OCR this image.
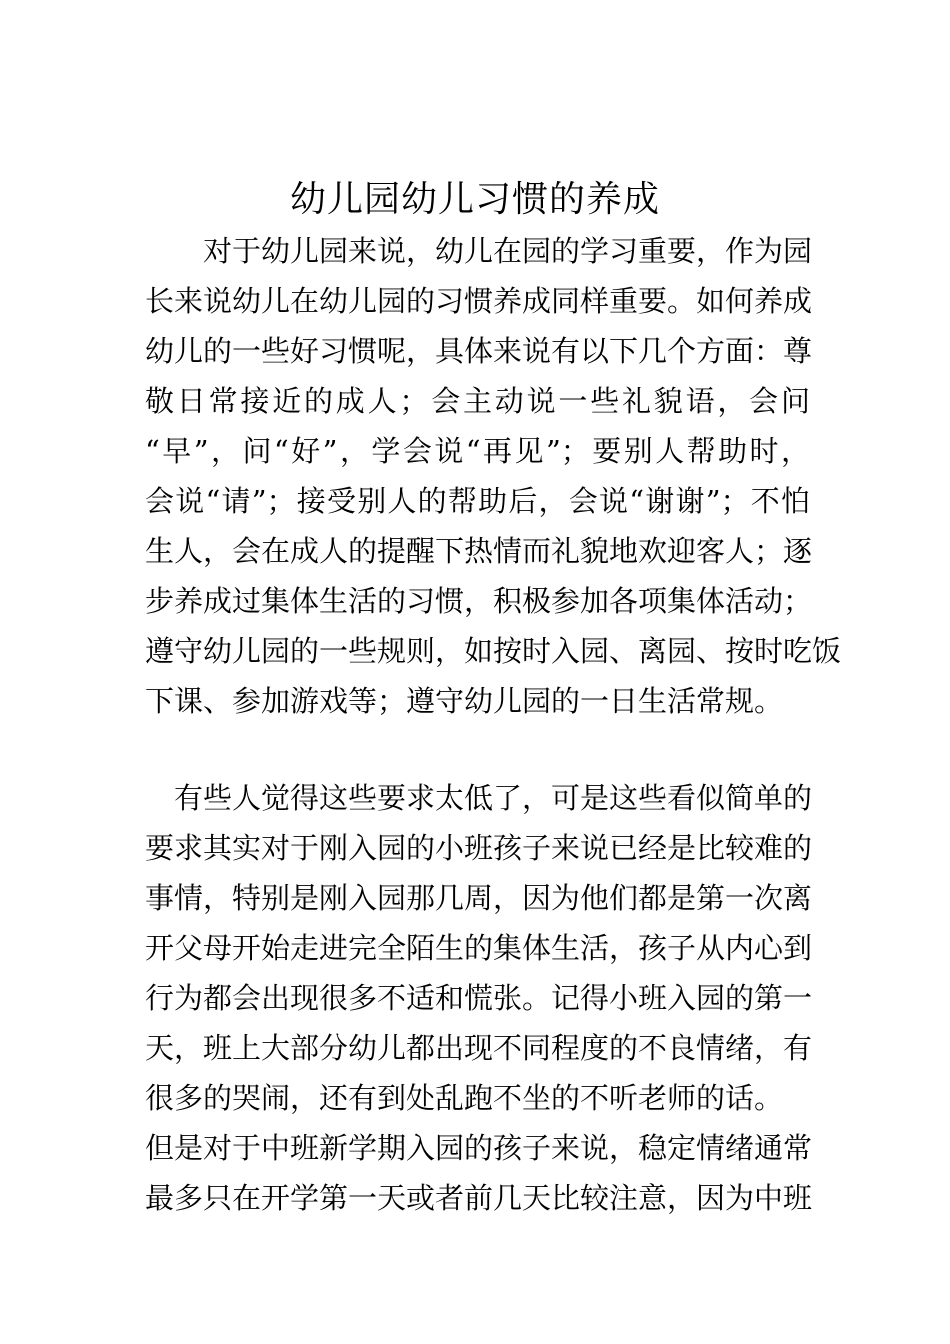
幼儿园幼儿习惯的养成
对于幼儿园来说，幼儿在园的学习重要，作为园
长来说幼儿在幼儿园的习惯养成同样重要。如何养成
幼儿的一些好习惯呢，具体来说有以下几个方面：尊
敬日常接近的成人；会主动说一些礼貌语，会问
“早”，问“好”，学会说“再见”；要别人帮助时，
会说“请”；接受别人的帮助后，会说“谢谢”；不怕
生人，会在成人的提醒下热情而礼貌地欢迎客人；逐
步养成过集体生活的习惯，积极参加各项集体活动；
遵守幼儿园的一些规则，如按时入园、离园、按时吃饭
下课、参加游戏等；遵守幼儿园的一日生活常规。
有些人觉得这些要求太低了，可是这些看似简单的
要求其实对于刚入园的小班孩子来说已经是比较难的
事情，特别是刚入园那几周，因为他们都是第一次离
开父母开始走进完全陌生的集体生活，孩子从内心到
行为都会出现很多不适和慌张。记得小班入园的第一
天，班上大部分幼儿都出现不同程度的不良情绪，有
很多的哭闹，还有到处乱跑不坐的不听老师的话。
但是对于中班新学期入园的孩子来说，稳定情绪通常
最多只在开学第一天或者前几天比较注意，因为中班
